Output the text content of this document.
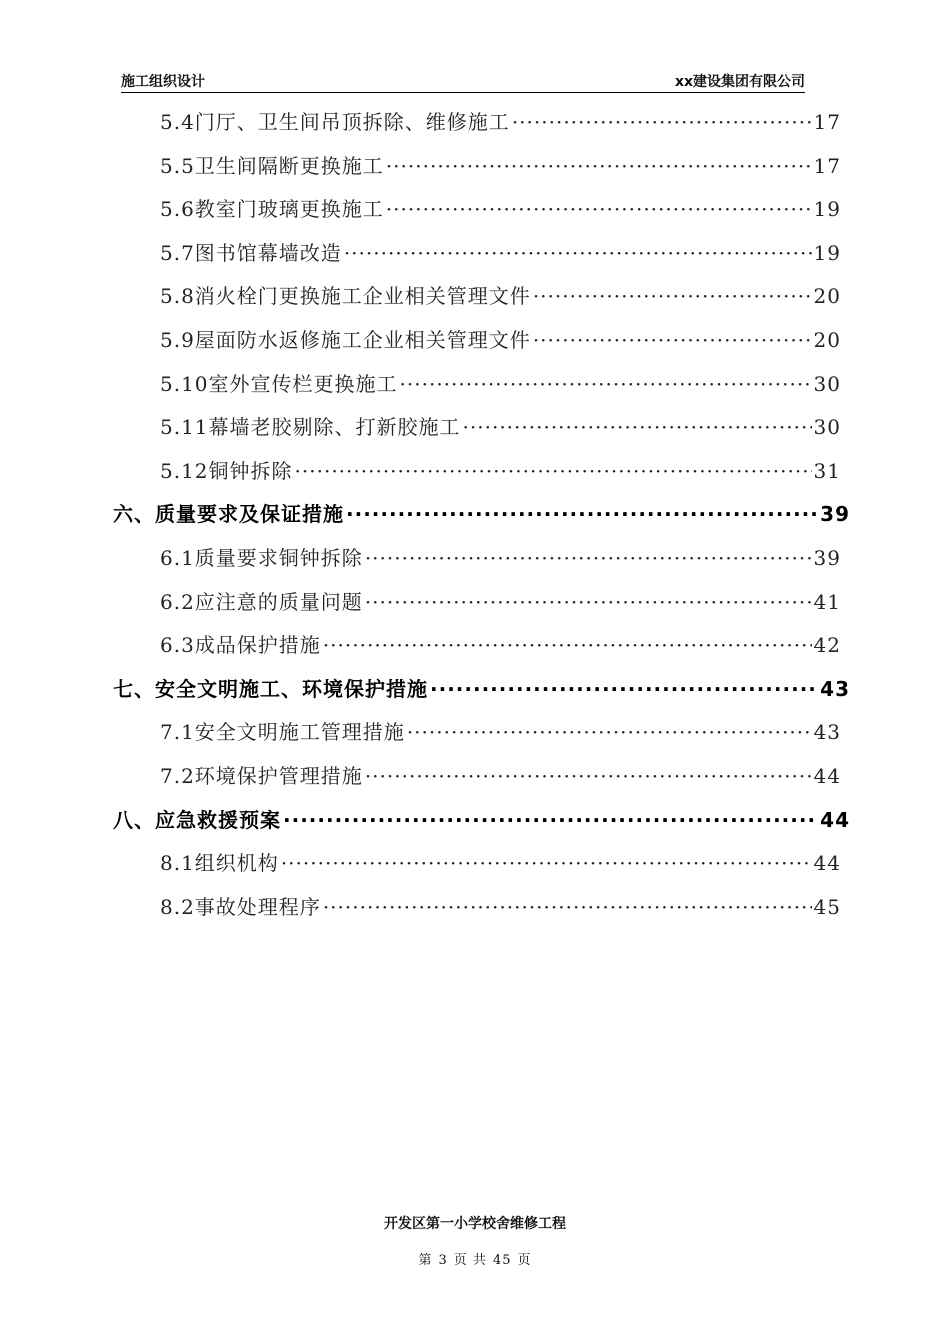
施工组织设计	xx建设集团有限公司
5.4门厅、卫生间吊顶拆除、维修施工 ·····	17
5.5卫生间隔断更换施工 ·····	17
5.6教室门玻璃更换施工 ·····	19
5.7图书馆幕墙改造 ·····	19
5.8消火栓门更换施工企业相关管理文件 ·····	20
5.9屋面防水返修施工企业相关管理文件 ·····	20
5.10室外宣传栏更换施工 ·····	30
5.11幕墙老胶剔除、打新胶施工 ·····	30
5.12铜钟拆除 ·····	31
六、质量要求及保证措施 ·····	39
6.1质量要求铜钟拆除 ·····	39
6.2应注意的质量问题 ·····	41
6.3成品保护措施 ·····	42
七、安全文明施工、环境保护措施 ·····	43
7.1安全文明施工管理措施 ·····	43
7.2环境保护管理措施 ·····	44
八、应急救援预案 ·····	44
8.1组织机构 ·····	44
8.2事故处理程序 ·····	45
开发区第一小学校舍维修工程
第 3 页 共 45 页
